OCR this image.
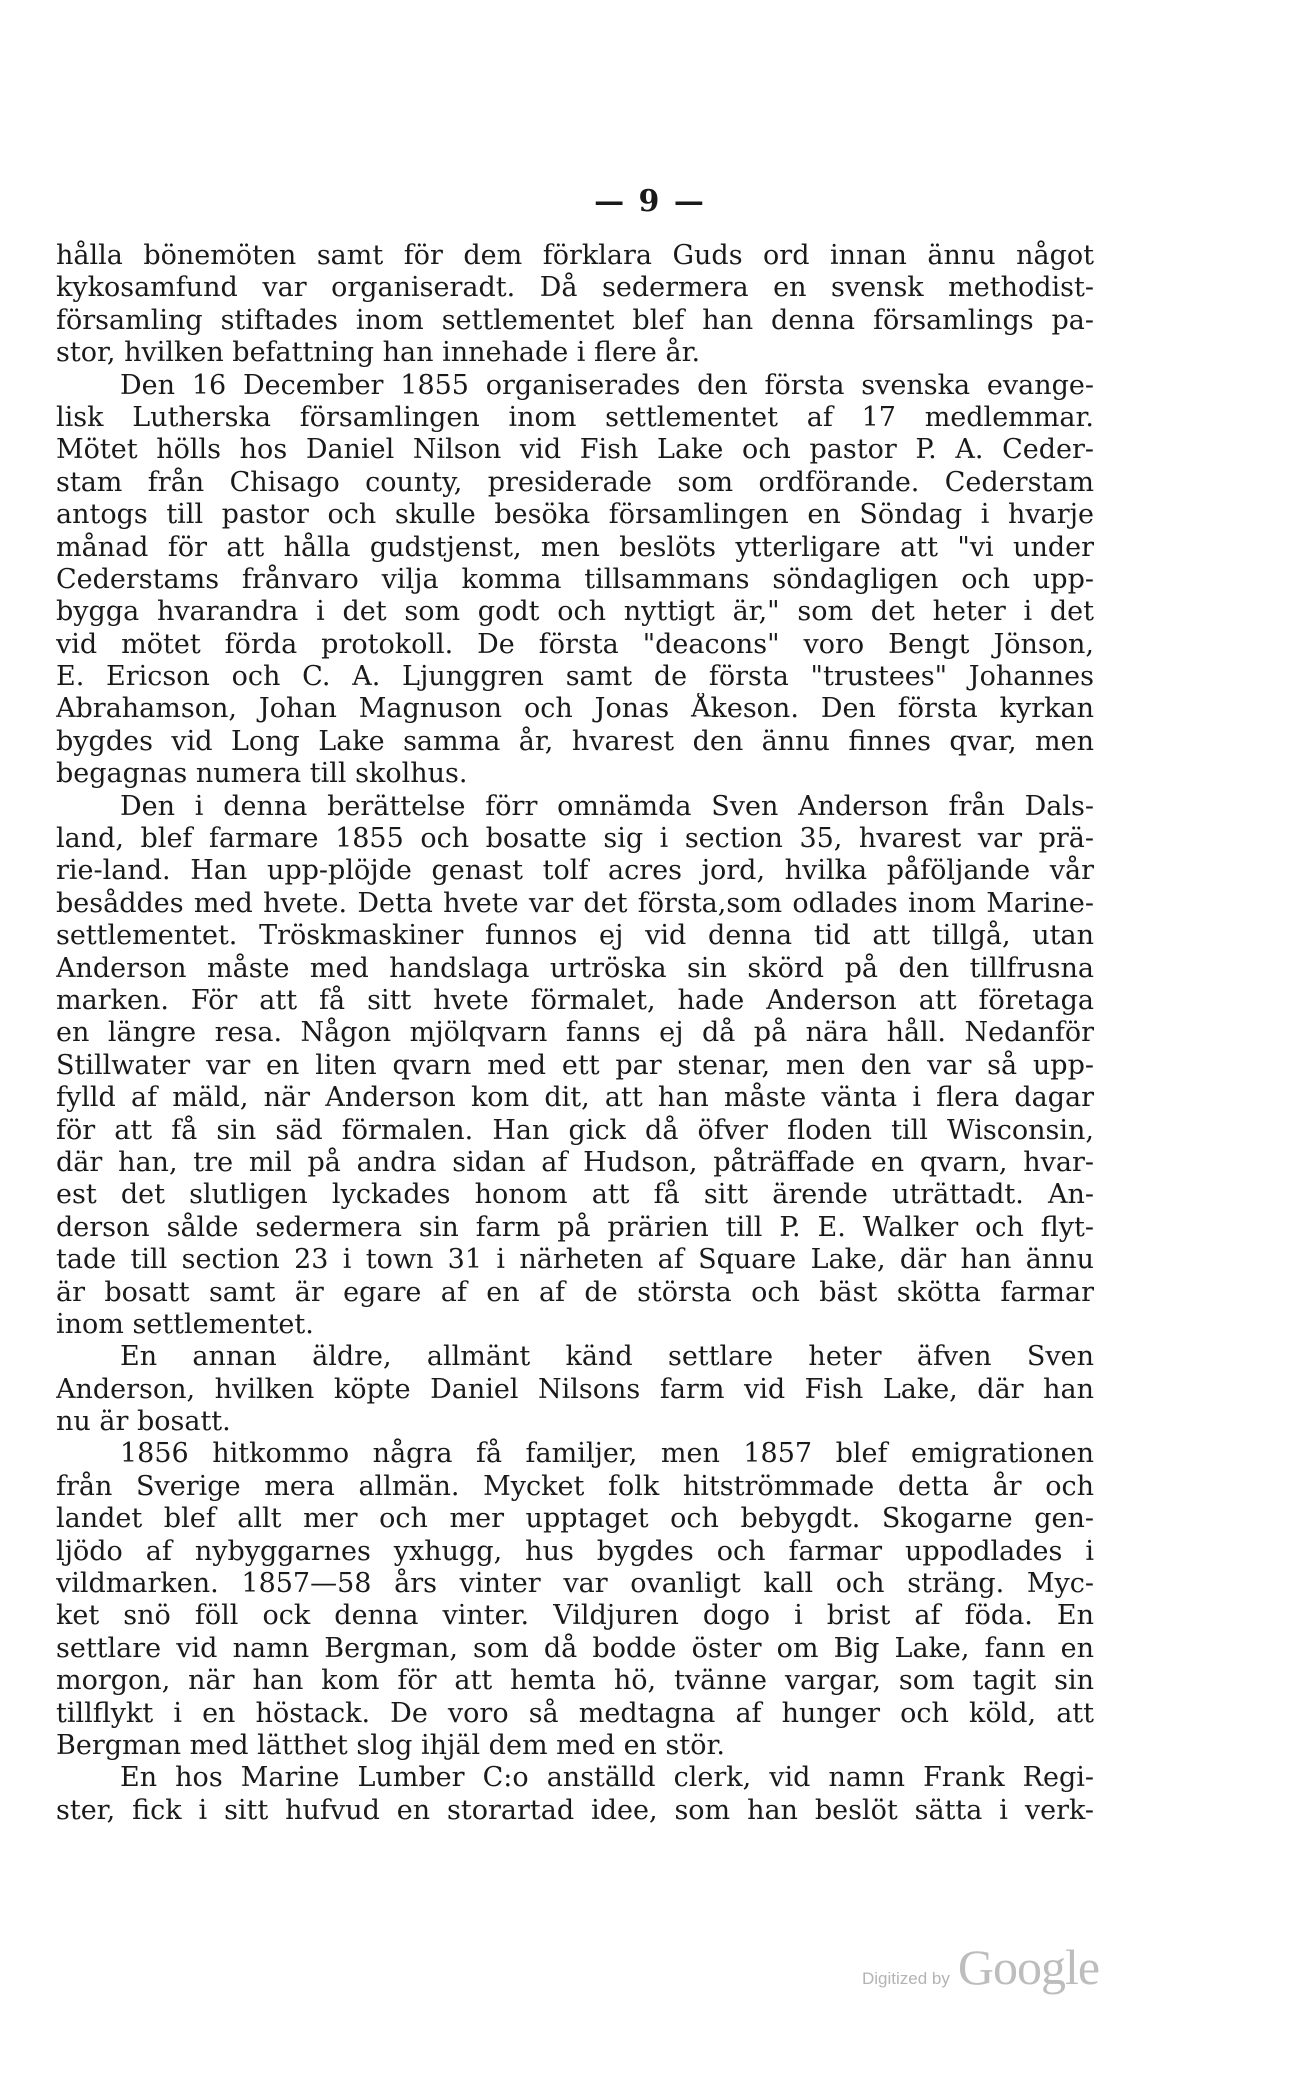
— 9 —
hålla bönemöten samt för dem förklara Guds ord innan ännu något
kykosamfund var organiseradt. Då sedermera en svensk methodist-
församling stiftades inom settlementet blef han denna församlings pa-
stor, hvilken befattning han innehade i flere år.
Den 16 December 1855 organiserades den första svenska evange-
lisk Lutherska församlingen inom settlementet af 17 medlemmar.
Mötet hölls hos Daniel Nilson vid Fish Lake och pastor P. A. Ceder-
stam från Chisago county, presiderade som ordförande. Cederstam
antogs till pastor och skulle besöka församlingen en Söndag i hvarje
månad för att hålla gudstjenst, men beslöts ytterligare att "vi under
Cederstams frånvaro vilja komma tillsammans söndagligen och upp-
bygga hvarandra i det som godt och nyttigt är," som det heter i det
vid mötet förda protokoll. De första "deacons" voro Bengt Jönson,
E. Ericson och C. A. Ljunggren samt de första "trustees" Johannes
Abrahamson, Johan Magnuson och Jonas Åkeson. Den första kyrkan
bygdes vid Long Lake samma år, hvarest den ännu finnes qvar, men
begagnas numera till skolhus.
Den i denna berättelse förr omnämda Sven Anderson från Dals-
land, blef farmare 1855 och bosatte sig i section 35, hvarest var prä-
rie-land. Han upp-plöjde genast tolf acres jord, hvilka påföljande vår
besåddes med hvete. Detta hvete var det första,som odlades inom Marine-
settlementet. Tröskmaskiner funnos ej vid denna tid att tillgå, utan
Anderson måste med handslaga urtröska sin skörd på den tillfrusna
marken. För att få sitt hvete förmalet, hade Anderson att företaga
en längre resa. Någon mjölqvarn fanns ej då på nära håll. Nedanför
Stillwater var en liten qvarn med ett par stenar, men den var så upp-
fylld af mäld, när Anderson kom dit, att han måste vänta i flera dagar
för att få sin säd förmalen. Han gick då öfver floden till Wisconsin,
där han, tre mil på andra sidan af Hudson, påträffade en qvarn, hvar-
est det slutligen lyckades honom att få sitt ärende uträttadt. An-
derson sålde sedermera sin farm på prärien till P. E. Walker och flyt-
tade till section 23 i town 31 i närheten af Square Lake, där han ännu
är bosatt samt är egare af en af de största och bäst skötta farmar
inom settlementet.
En annan äldre, allmänt känd settlare heter äfven Sven
Anderson, hvilken köpte Daniel Nilsons farm vid Fish Lake, där han
nu är bosatt.
1856 hitkommo några få familjer, men 1857 blef emigrationen
från Sverige mera allmän. Mycket folk hitströmmade detta år och
landet blef allt mer och mer upptaget och bebygdt. Skogarne gen-
ljödo af nybyggarnes yxhugg, hus bygdes och farmar uppodlades i
vildmarken. 1857—58 års vinter var ovanligt kall och sträng. Myc-
ket snö föll ock denna vinter. Vildjuren dogo i brist af föda. En
settlare vid namn Bergman, som då bodde öster om Big Lake, fann en
morgon, när han kom för att hemta hö, tvänne vargar, som tagit sin
tillflykt i en höstack. De voro så medtagna af hunger och köld, att
Bergman med lätthet slog ihjäl dem med en stör.
En hos Marine Lumber C:o anställd clerk, vid namn Frank Regi-
ster, fick i sitt hufvud en storartad idee, som han beslöt sätta i verk-
Digitized by Google
